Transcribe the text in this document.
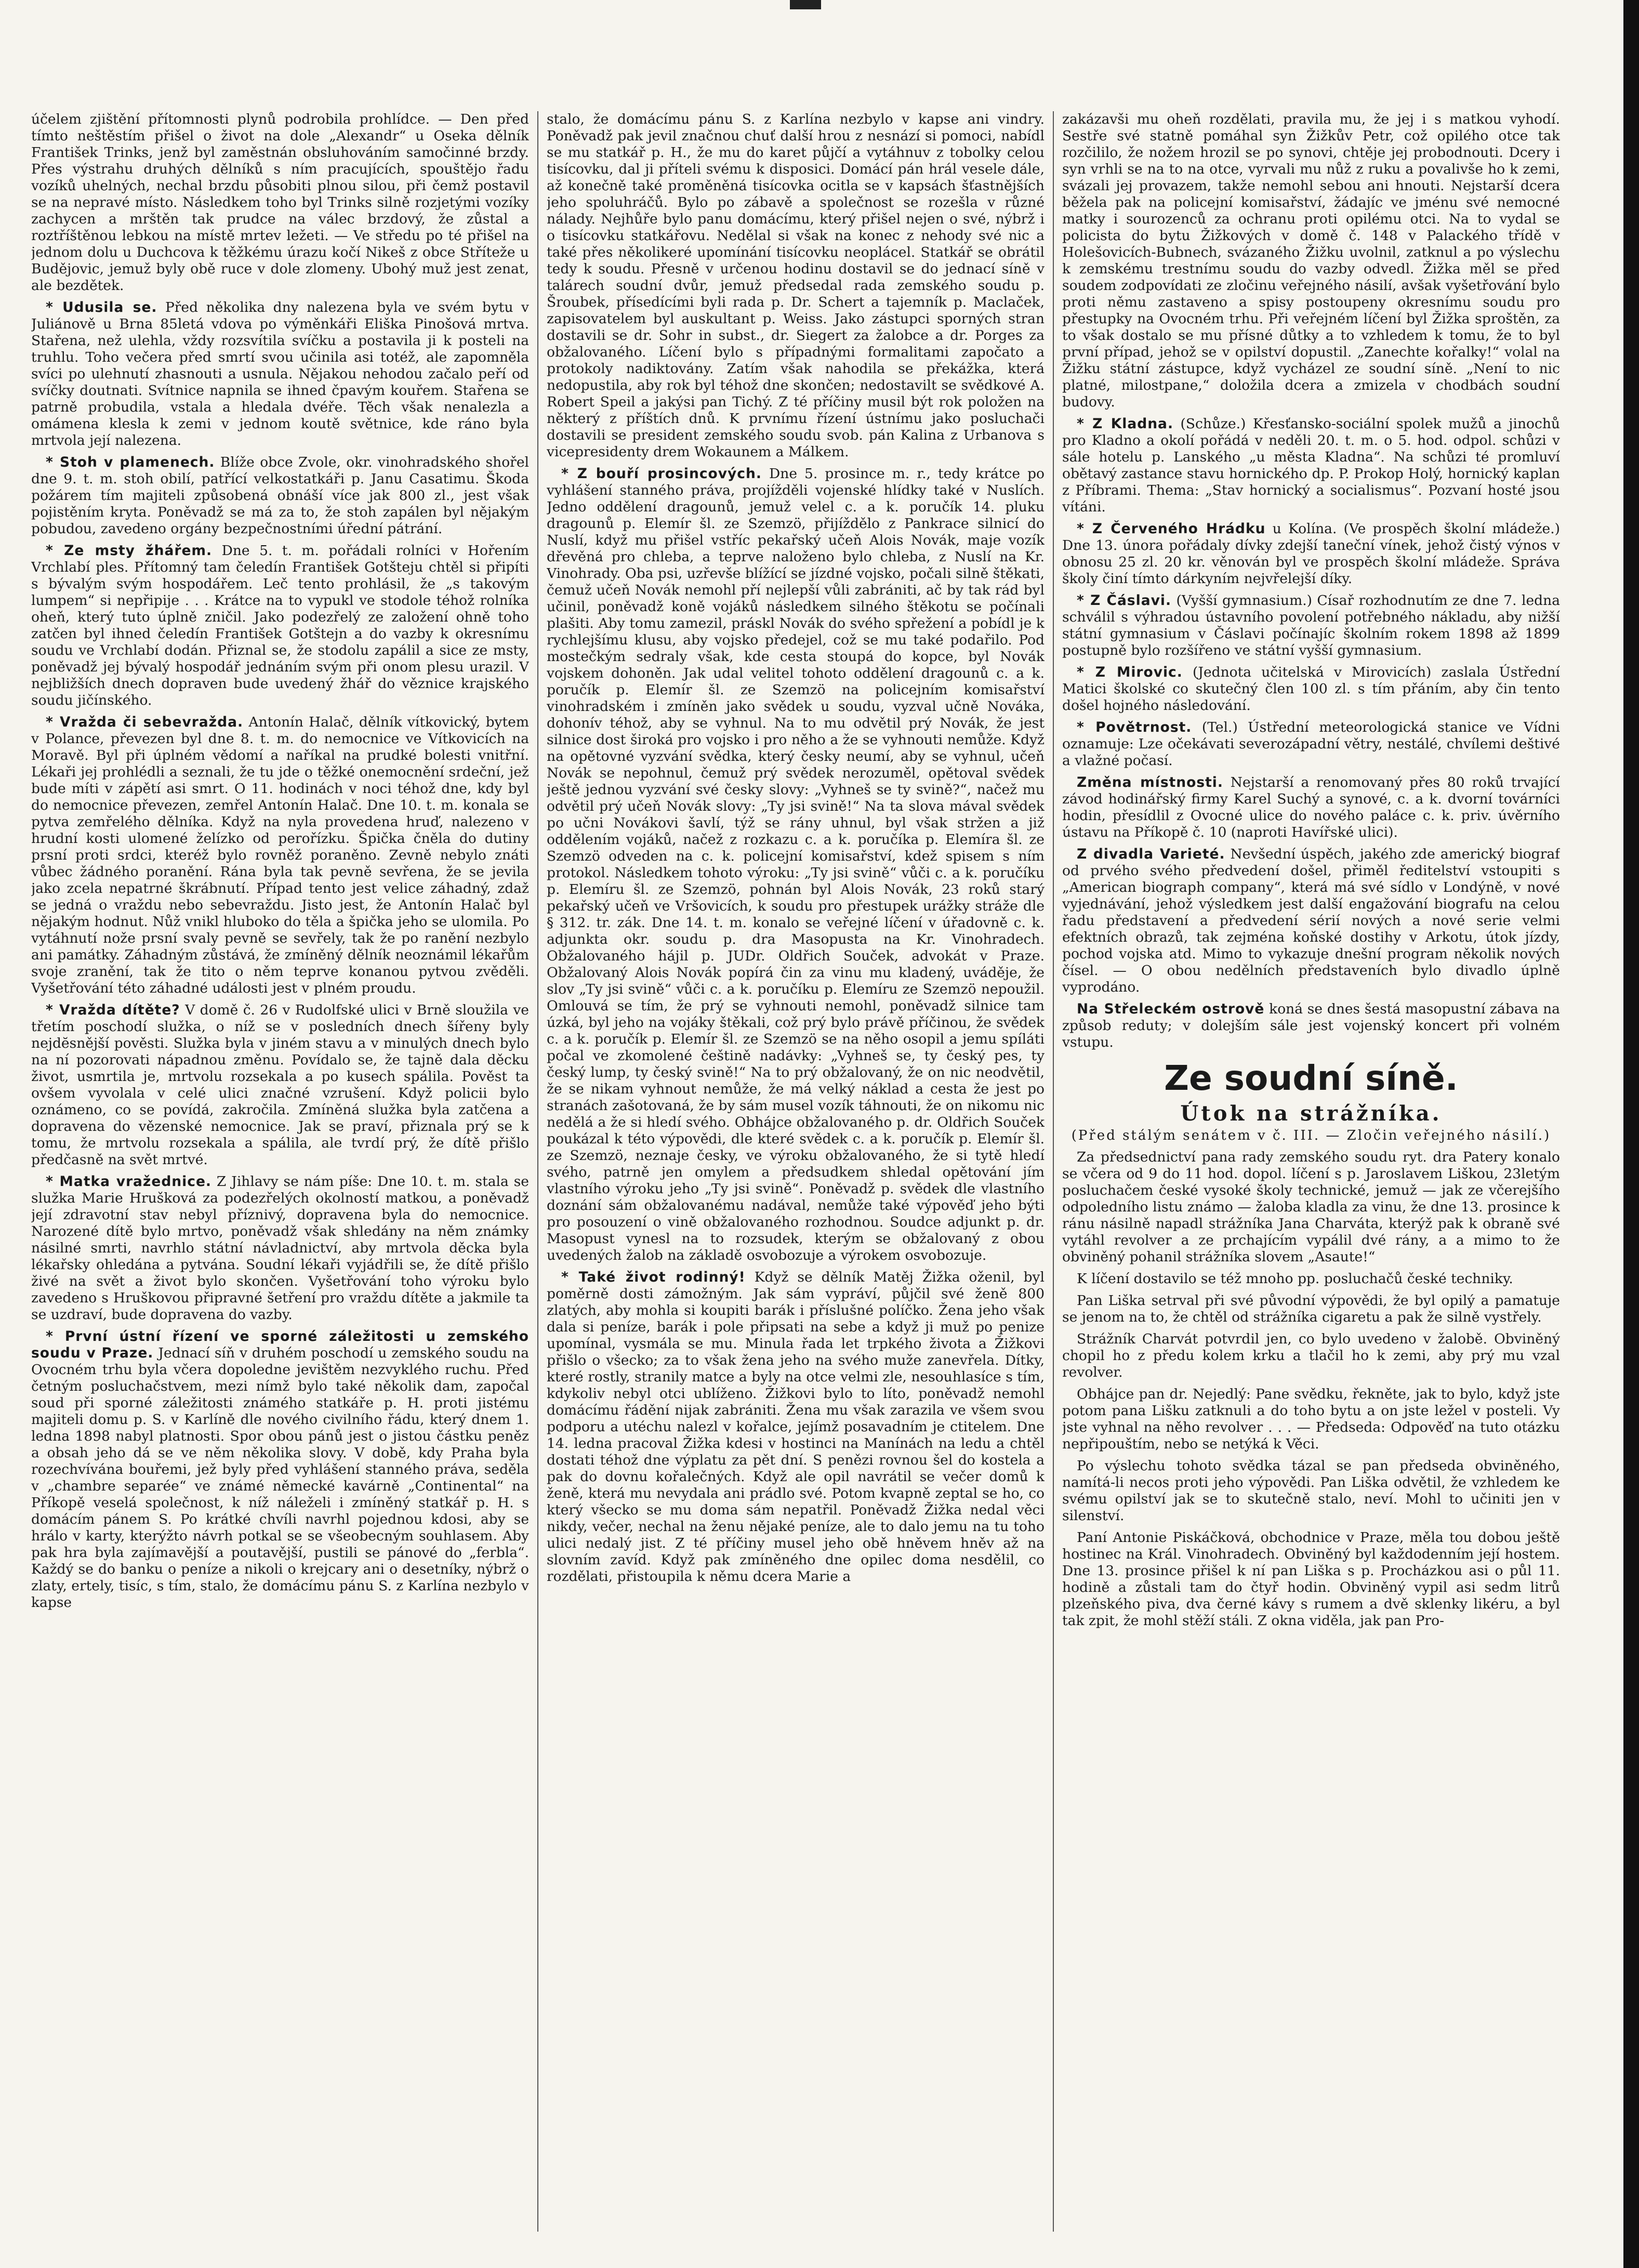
účelem zjištění přítomnosti plynů podrobila prohlídce. — Den před tímto neštěstím přišel o život na dole „Alexandr“ u Oseka dělník František Trinks, jenž byl zaměstnán obsluhováním samočinné brzdy. Přes výstrahu druhých dělníků s ním pracujících, spouštějo řadu vozíků uhelných, nechal brzdu působiti plnou silou, při čemž postavil se na nepravé místo. Následkem toho byl Trinks silně rozjetými vozíky zachycen a mrštěn tak prudce na válec brzdový, že zůstal a roztříštěnou lebkou na místě mrtev ležeti. — Ve středu po té přišel na jednom dolu u Duchcova k těžkému úrazu kočí Nikeš z obce Stříteže u Budějovic, jemuž byly obě ruce v dole zlomeny. Ubohý muž jest zenat, ale bezdětek.

* Udusila se. Před několika dny nalezena byla ve svém bytu v Juliánově u Brna 85letá vdova po výměnkáři Eliška Pinošová mrtva. Stařena, než ulehla, vždy rozsvítila svíčku a postavila ji k posteli na truhlu. Toho večera před smrtí svou učinila asi totéž, ale zapomněla svíci po ulehnutí zhasnouti a usnula. Nějakou nehodou začalo peří od svíčky doutnati. Svítnice napnila se ihned čpavým kouřem. Stařena se patrně probudila, vstala a hledala dvéře. Těch však nenalezla a omámena klesla k zemi v jednom koutě světnice, kde ráno byla mrtvola její nalezena.

* Stoh v plamenech. Blíže obce Zvole, okr. vinohradského shořel dne 9. t. m. stoh obilí, patřící velkostatkáři p. Janu Casatimu. Škoda požárem tím majiteli způsobená obnáší více jak 800 zl., jest však pojistěním kryta. Poněvadž se má za to, že stoh zapálen byl nějakým pobudou, zavedeno orgány bezpečnostními úřední pátrání.

* Ze msty žhářem. Dne 5. t. m. pořádali rolníci v Hořením Vrchlabí ples. Přítomný tam čeledín František Gotšteju chtěl si připíti s bývalým svým hospodářem. Leč tento prohlásil, že „s takovým lumpem“ si nepřipije . . . Krátce na to vypukl ve stodole téhož rolníka oheň, který tuto úplně zničil. Jako podezřelý ze založení ohně toho zatčen byl ihned čeledín František Gotštejn a do vazby k okresnímu soudu ve Vrchlabí dodán. Přiznal se, že stodolu zapálil a sice ze msty, poněvadž jej bývalý hospodář jednáním svým při onom plesu urazil. V nejbližších dnech dopraven bude uvedený žhář do věznice krajského soudu jičínského.

* Vražda či sebevražda. Antonín Halač, dělník vítkovický, bytem v Polance, převezen byl dne 8. t. m. do nemocnice ve Vítkovicích na Moravě. Byl při úplném vědomí a naříkal na prudké bolesti vnitřní. Lékaři jej prohlédli a seznali, že tu jde o těžké onemocnění srdeční, jež bude míti v zápětí asi smrt. O 11. hodinách v noci téhož dne, kdy byl do nemocnice převezen, zemřel Antonín Halač. Dne 10. t. m. konala se pytva zemřelého dělníka. Když na nyla provedena hruď, nalezeno v hrudní kosti ulomené želízko od perořízku. Špička čněla do dutiny prsní proti srdci, kteréž bylo rovněž poraněno. Zevně nebylo znáti vůbec žádného poranění. Rána byla tak pevně sevřena, že se jevila jako zcela nepatrné škrábnutí. Případ tento jest velice záhadný, zdaž se jedná o vraždu nebo sebevraždu. Jisto jest, že Antonín Halač byl nějakým hodnut. Nůž vnikl hluboko do těla a špička jeho se ulomila. Po vytáhnutí nože prsní svaly pevně se sevřely, tak že po ranění nezbylo ani památky. Záhadným zůstává, že zmíněný dělník neoznámil lékařům svoje zranění, tak že tito o něm teprve konanou pytvou zvěděli. Vyšetřování této záhadné události jest v plném proudu.

* Vražda dítěte? V domě č. 26 v Rudolfské ulici v Brně sloužila ve třetím poschodí služka, o níž se v posledních dnech šířeny byly nejdĕsnější pověsti. Služka byla v jiném stavu a v minulých dnech bylo na ní pozorovati nápadnou změnu. Povídalo se, že tajně dala děcku život, usmrtila je, mrtvolu rozsekala a po kusech spálila. Pověst ta ovšem vyvolala v celé ulici značné vzrušení. Když policii bylo oznámeno, co se povídá, zakročila. Zmíněná služka byla zatčena a dopravena do vězenské nemocnice. Jak se praví, přiznala prý se k tomu, že mrtvolu rozsekala a spálila, ale tvrdí prý, že dítě přišlo předčasně na svět mrtvé.

* Matka vražednice. Z Jihlavy se nám píše: Dne 10. t. m. stala se služka Marie Hrušková za podezřelých okolností matkou, a poněvadž její zdravotní stav nebyl příznivý, dopravena byla do nemocnice. Narozené dítě bylo mrtvo, poněvadž však shledány na něm známky násilné smrti, navrhlo státní návladnictví, aby mrtvola děcka byla lékařsky ohledána a pytvána. Soudní lékaři vyjádřili se, že dítě přišlo živé na svět a život bylo skončen. Vyšetřování toho výroku bylo zavedeno s Hruškovou připravné šetření pro vraždu dítěte a jakmile ta se uzdraví, bude dopravena do vazby.

* První ústní řízení ve sporné záležitosti u zemského soudu v Praze. Jednací síň v druhém poschodí u zemského soudu na Ovocném trhu byla včera dopoledne jevištěm nezvyklého ruchu. Před četným posluchačstvem, mezi nímž bylo také několik dam, započal soud při sporné záležitosti známého statkáře p. H. proti jistému majiteli domu p. S. v Karlíně dle nového civilního řádu, který dnem 1. ledna 1898 nabyl platnosti. Spor obou pánů jest o jistou částku peněz a obsah jeho dá se ve něm několika slovy. V době, kdy Praha byla rozechvívána bouřemi, jež byly před vyhlášení stanného práva, seděla v „chambre separée“ ve známé německé kavárně „Continental“ na Příkopě veselá společnost, k níž náleželi i zmíněný statkář p. H. s domácím pánem S. Po krátké chvíli navrhl pojednou kdosi, aby se hrálo v karty, kterýžto návrh potkal se se všeobecným souhlasem. Aby pak hra byla zajímavější a poutavější, pustili se pánové do „ferbla“. Každý se do banku o peníze a nikoli o krejcary ani o desetníky, nýbrž o zlaty, ertely, tisíc, s tím, stalo, že domácímu pánu S. z Karlína nezbylo v kapse

stalo, že domácímu pánu S. z Karlína nezbylo v kapse ani vindry. Poněvadž pak jevil značnou chuť další hrou z nesnází si pomoci, nabídl se mu statkář p. H., že mu do karet půjčí a vytáhnuv z tobolky celou tisícovku, dal ji příteli svému k disposici. Domácí pán hrál vesele dále, až konečně také proměněná tisícovka ocitla se v kapsách šťastnějších jeho spoluhráčů. Bylo po zábavě a společnost se rozešla v různé nálady. Nejhůře bylo panu domácímu, který přišel nejen o své, nýbrž i o tisícovku statkářovu. Nedělal si však na konec z nehody své nic a také přes několikeré upomínání tisícovku neoplácel. Statkář se obrátil tedy k soudu. Přesně v určenou hodinu dostavil se do jednací síně v talárech soudní dvůr, jemuž předsedal rada zemského soudu p. Šroubek, přísedícími byli rada p. Dr. Schert a tajemník p. Maclaček, zapisovatelem byl auskultant p. Weiss. Jako zástupci sporných stran dostavili se dr. Sohr in subst., dr. Siegert za žalobce a dr. Porges za obžalovaného. Líčení bylo s případnými formalitami započato a protokoly nadiktovány. Zatím však nahodila se překážka, která nedopustila, aby rok byl téhož dne skončen; nedostavilt se svědkové A. Robert Speil a jakýsi pan Tichý. Z té příčiny musil být rok položen na některý z příštích dnů. K prvnímu řízení ústnímu jako posluchači dostavili se president zemského soudu svob. pán Kalina z Urbanova s vicepresidenty drem Wokaunem a Málkem.

* Z bouří prosincových. Dne 5. prosince m. r., tedy krátce po vyhlášení stanného práva, projížděli vojenské hlídky také v Nuslích. Jedno oddělení dragounů, jemuž velel c. a k. poručík 14. pluku dragounů p. Elemír šl. ze Szemzö, přijíždělo z Pankrace silnicí do Nuslí, když mu přišel vstříc pekařský učeň Alois Novák, maje vozík dřevěná pro chleba, a teprve naloženo bylo chleba, z Nuslí na Kr. Vinohrady. Oba psi, uzřevše blížící se jízdné vojsko, počali silně štěkati, čemuž učeň Novák nemohl pří nejlepší vůli zabrániti, ač by tak rád byl učinil, poněvadž koně vojáků následkem silného štěkotu se počínali plašiti. Aby tomu zamezil, práskl Novák do svého spřežení a pobídl je k rychlejšímu klusu, aby vojsko předejel, což se mu také podařilo. Pod mostečkým sedraly však, kde cesta stoupá do kopce, byl Novák vojskem dohoněn. Jak udal velitel tohoto oddělení dragounů c. a k. poručík p. Elemír šl. ze Szemzö na policejním komisařství vinohradském i zmíněn jako svědek u soudu, vyzval učně Nováka, dohonív téhož, aby se vyhnul. Na to mu odvětil prý Novák, že jest silnice dost široká pro vojsko i pro něho a že se vyhnouti nemůže. Když na opětovné vyzvání svědka, který česky neumí, aby se vyhnul, učeň Novák se nepohnul, čemuž prý svědek nerozuměl, opětoval svědek ještě jednou vyzvání své česky slovy: „Vyhneš se ty svině?“, načež mu odvětil prý učeň Novák slovy: „Ty jsi svině!“ Na ta slova mával svědek po učni Novákovi šavlí, týž se rány uhnul, byl však stržen a již oddělením vojáků, načež z rozkazu c. a k. poručíka p. Elemíra šl. ze Szemzö odveden na c. k. policejní komisařství, kdež spisem s ním protokol. Následkem tohoto výroku: „Ty jsi svině“ vůči c. a k. poručíku p. Elemíru šl. ze Szemzö, pohnán byl Alois Novák, 23 roků starý pekařský učeň ve Vršovicích, k soudu pro přestupek urážky stráže dle § 312. tr. zák. Dne 14. t. m. konalo se veřejné líčení v úřadovně c. k. adjunkta okr. soudu p. dra Masopusta na Kr. Vinohradech. Obžalovaného hájil p. JUDr. Oldřich Souček, advokát v Praze. Obžalovaný Alois Novák popírá čin za vinu mu kladený, uváděje, že slov „Ty jsi svině“ vůči c. a k. poručíku p. Elemíru ze Szemzö nepoužil. Omlouvá se tím, že prý se vyhnouti nemohl, poněvadž silnice tam úzká, byl jeho na vojáky štěkali, což prý bylo právě příčinou, že svědek c. a k. poručík p. Elemír šl. ze Szemzö se na něho osopil a jemu spíláti počal ve zkomolené češtině nadávky: „Vyhneš se, ty český pes, ty český lump, ty český svině!“ Na to prý obžalovaný, že on nic neodvětil, že se nikam vyhnout nemůže, že má velký náklad a cesta že jest po stranách zašotovaná, že by sám musel vozík táhnouti, že on nikomu nic nedělá a že si hledí svého. Obhájce obžalovaného p. dr. Oldřich Souček poukázal k této výpovědi, dle které svědek c. a k. poručík p. Elemír šl. ze Szemzö, neznaje česky, ve výroku obžalovaného, že si tytě hledí svého, patrně jen omylem a předsudkem shledal opětování jím vlastního výroku jeho „Ty jsi svině“. Poněvadž p. svědek dle vlastního doznání sám obžalovanému nadával, nemůže také výpověď jeho býti pro posouzení o vině obžalovaného rozhodnou. Soudce adjunkt p. dr. Masopust vynesl na to rozsudek, kterým se obžalovaný z obou uvedených žalob na základě osvobozuje a výrokem osvobozuje.

* Také život rodinný! Když se dělník Matěj Žižka oženil, byl poměrně dosti zámožným. Jak sám vypráví, půjčil své ženě 800 zlatých, aby mohla si koupiti barák i příslušné políčko. Žena jeho však dala si peníze, barák i pole připsati na sebe a když ji muž po penize upomínal, vysmála se mu. Minula řada let trpkého života a Žižkovi přišlo o všecko; za to však žena jeho na svého muže zanevřela. Dítky, které rostly, stranily matce a byly na otce velmi zle, nesouhlasíce s tím, kdykoliv nebyl otci ublíženo. Žižkovi bylo to líto, poněvadž nemohl domácímu řádění nijak zabrániti. Žena mu však zarazila ve všem svou podporu a utéchu nalezl v kořalce, jejímž posavadním je ctitelem. Dne 14. ledna pracoval Žižka kdesi v hostinci na Manínách na ledu a chtěl dostati téhož dne výplatu za pět dní. S penězi rovnou šel do kostela a pak do dovnu kořalečných. Když ale opil navrátil se večer domů k ženě, která mu nevydala ani prádlo své. Potom kvapně zeptal se ho, co který všecko se mu doma sám nepatřil. Poněvadž Žižka nedal věci nikdy, večer, nechal na ženu nějaké peníze, ale to dalo jemu na tu toho ulici nedalý jist. Z té příčiny musel jeho obě hněvem hněv až na slovním zavíd. Když pak zmíněného dne opilec doma nesdělil, co rozdělati, přistoupila k němu dcera Marie a

zakázavši mu oheň rozdělati, pravila mu, že jej i s matkou vyhodí. Sestře své statně pomáhal syn Žižkův Petr, což opilého otce tak rozčililo, že nožem hrozil se po synovi, chtěje jej probodnouti. Dcery i syn vrhli se na to na otce, vyrvali mu nůž z ruku a povalivše ho k zemi, svázali jej provazem, takže nemohl sebou ani hnouti. Nejstarší dcera běžela pak na policejní komisařství, žádajíc ve jménu své nemocné matky i sourozenců za ochranu proti opilému otci. Na to vydal se policista do bytu Žižkových v domě č. 148 v Palackého třídě v Holešovicích-Bubnech, svázaného Žižku uvolnil, zatknul a po výslechu k zemskému trestnímu soudu do vazby odvedl. Žižka měl se před soudem zodpovídati ze zločinu veřejného násilí, avšak vyšetřování bylo proti němu zastaveno a spisy postoupeny okresnímu soudu pro přestupky na Ovocném trhu. Při veřejném líčení byl Žižka sproštěn, za to však dostalo se mu přísné důtky a to vzhledem k tomu, že to byl první případ, jehož se v opilství dopustil. „Zanechte kořalky!“ volal na Žižku státní zástupce, když vycházel ze soudní síně. „Není to nic platné, milostpane,“ doložila dcera a zmizela v chodbách soudní budovy.

* Z Kladna. (Schůze.) Křesťansko-sociální spolek mužů a jinochů pro Kladno a okolí pořádá v neděli 20. t. m. o 5. hod. odpol. schůzi v sále hotelu p. Lanského „u města Kladna“. Na schůzi té promluví obětavý zastance stavu hornického dp. P. Prokop Holý, hornický kaplan z Příbrami. Thema: „Stav hornický a socialismus“. Pozvaní hosté jsou vítáni.

* Z Červeného Hrádku u Kolína. (Ve prospěch školní mládeže.) Dne 13. února pořádaly dívky zdejší taneční vínek, jehož čistý výnos v obnosu 25 zl. 20 kr. věnován byl ve prospěch školní mládeže. Správa školy činí tímto dárkyním nejvřelejší díky.

* Z Čáslavi. (Vyšší gymnasium.) Císař rozhodnutím ze dne 7. ledna schválil s výhradou ústavního povolení potřebného nákladu, aby nižší státní gymnasium v Čáslavi počínajíc školním rokem 1898 až 1899 postupně bylo rozšířeno ve státní vyšší gymnasium.

* Z Mirovic. (Jednota učitelská v Mirovicích) zaslala Ústřední Matici školské co skutečný člen 100 zl. s tím přáním, aby čin tento došel hojného následování.

* Povětrnost. (Tel.) Ústřední meteorologická stanice ve Vídni oznamuje: Lze očekávati severozápadní větry, nestálé, chvílemi deštivé a vlažné počasí.

Změna místnosti. Nejstarší a renomovaný přes 80 roků trvající závod hodinářský firmy Karel Suchý a synové, c. a k. dvorní továrníci hodin, přesídlil z Ovocné ulice do nového paláce c. k. priv. úvěrního ústavu na Příkopě č. 10 (naproti Havířské ulici).

Z divadla Varieté. Nevšední úspěch, jakého zde americký biograf od prvého svého předvedení došel, přiměl ředitelství vstoupiti s „American biograph company“, která má své sídlo v Londýně, v nové vyjednávání, jehož výsledkem jest další engažování biografu na celou řadu představení a předvedení sérií nových a nové serie velmi efektních obrazů, tak zejména koňské dostihy v Arkotu, útok jízdy, pochod vojska atd. Mimo to vykazuje dnešní program několik nových čísel. — O obou nedělních představeních bylo divadlo úplně vyprodáno.

Na Střeleckém ostrově koná se dnes šestá masopustní zábava na způsob reduty; v dolejším sále jest vojenský koncert při volném vstupu.

Ze soudní síně.
Útok na strážníka.
(Před stálým senátem v č. III. — Zločin veřejného násilí.)

Za předsednictví pana rady zemského soudu ryt. dra Patery konalo se včera od 9 do 11 hod. dopol. líčení s p. Jaroslavem Liškou, 23letým posluchačem české vysoké školy technické, jemuž — jak ze včerejšího odpoledního listu známo — žaloba kladla za vinu, že dne 13. prosince k ránu násilně napadl strážníka Jana Charváta, kterýž pak k obraně své vytáhl revolver a ze prchajícím vypálil dvé rány, a a mimo to že obviněný pohanil strážníka slovem „Asaute!“

K líčení dostavilo se též mnoho pp. posluchačů české techniky.

Pan Liška setrval při své původní výpovědi, že byl opilý a pamatuje se jenom na to, že chtěl od strážníka cigaretu a pak že silně vystřely.

Strážník Charvát potvrdil jen, co bylo uvedeno v žalobě. Obviněný chopil ho z předu kolem krku a tlačil ho k zemi, aby prý mu vzal revolver.

Obhájce pan dr. Nejedlý: Pane svědku, řekněte, jak to bylo, když jste potom pana Lišku zatknuli a do toho bytu a on jste ležel v posteli. Vy jste vyhnal na něho revolver . . . — Předseda: Odpověď na tuto otázku nepřipouštím, nebo se netýká k Věci.

Po výslechu tohoto svědka tázal se pan předseda obviněného, namítá-li necos proti jeho výpovědi. Pan Liška odvětil, že vzhledem ke svému opilství jak se to skutečně stalo, neví. Mohl to učiniti jen v silenství.

Paní Antonie Piskáčková, obchodnice v Praze, měla tou dobou ještě hostinec na Král. Vinohradech. Obviněný byl každodenním její hostem. Dne 13. prosince přišel k ní pan Liška s p. Procházkou asi o půl 11. hodině a zůstali tam do čtyř hodin. Obviněný vypil asi sedm litrů plzeňského piva, dva černé kávy s rumem a dvě sklenky likéru, a byl tak zpit, že mohl stěží stáli. Z okna viděla, jak pan Pro-
